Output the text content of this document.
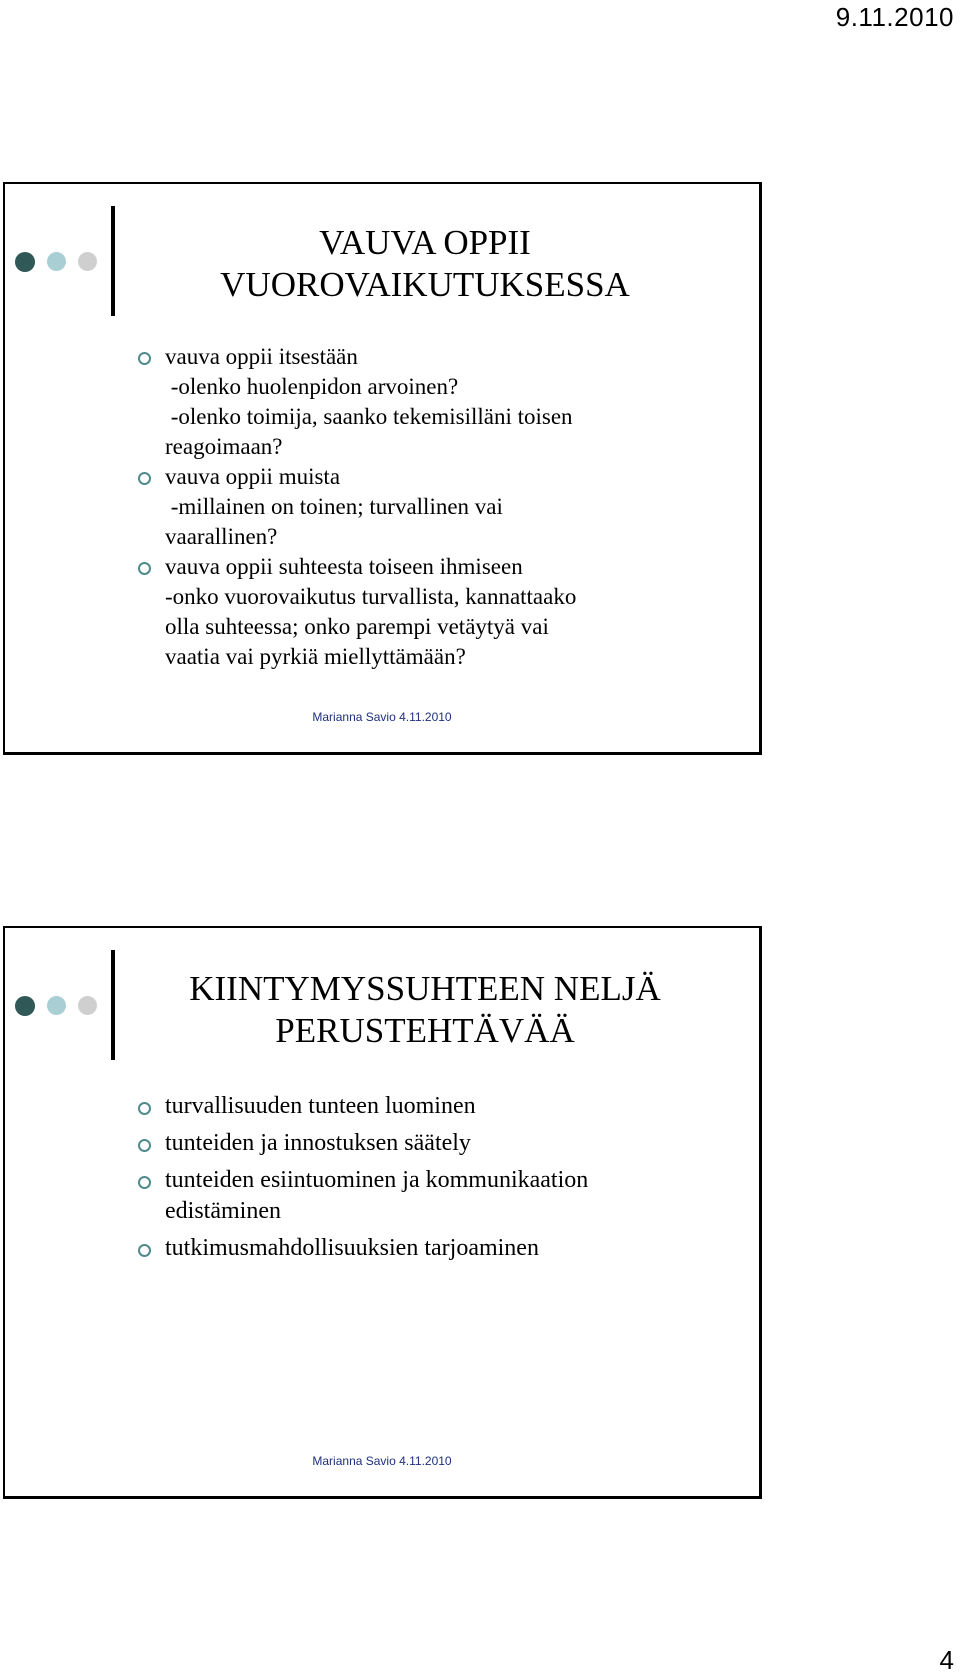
9.11.2010
VAUVA OPPII
VUOROVAIKUTUKSESSA
vauva oppii itsestään
-olenko huolenpidon arvoinen?
-olenko toimija, saanko tekemisilläni toisen
reagoimaan?
vauva oppii muista
-millainen on toinen; turvallinen vai
vaarallinen?
vauva oppii suhteesta toiseen ihmiseen
-onko vuorovaikutus turvallista, kannattaako
olla suhteessa; onko parempi vetäytyä vai
vaatia vai pyrkiä miellyttämään?
Marianna Savio 4.11.2010
KIINTYMYSSUHTEEN NELJÄ
PERUSTEHTÄVÄÄ
turvallisuuden tunteen luominen
tunteiden ja innostuksen säätely
tunteiden esiintuominen ja kommunikaation
edistäminen
tutkimusmahdollisuuksien tarjoaminen
Marianna Savio 4.11.2010
4
